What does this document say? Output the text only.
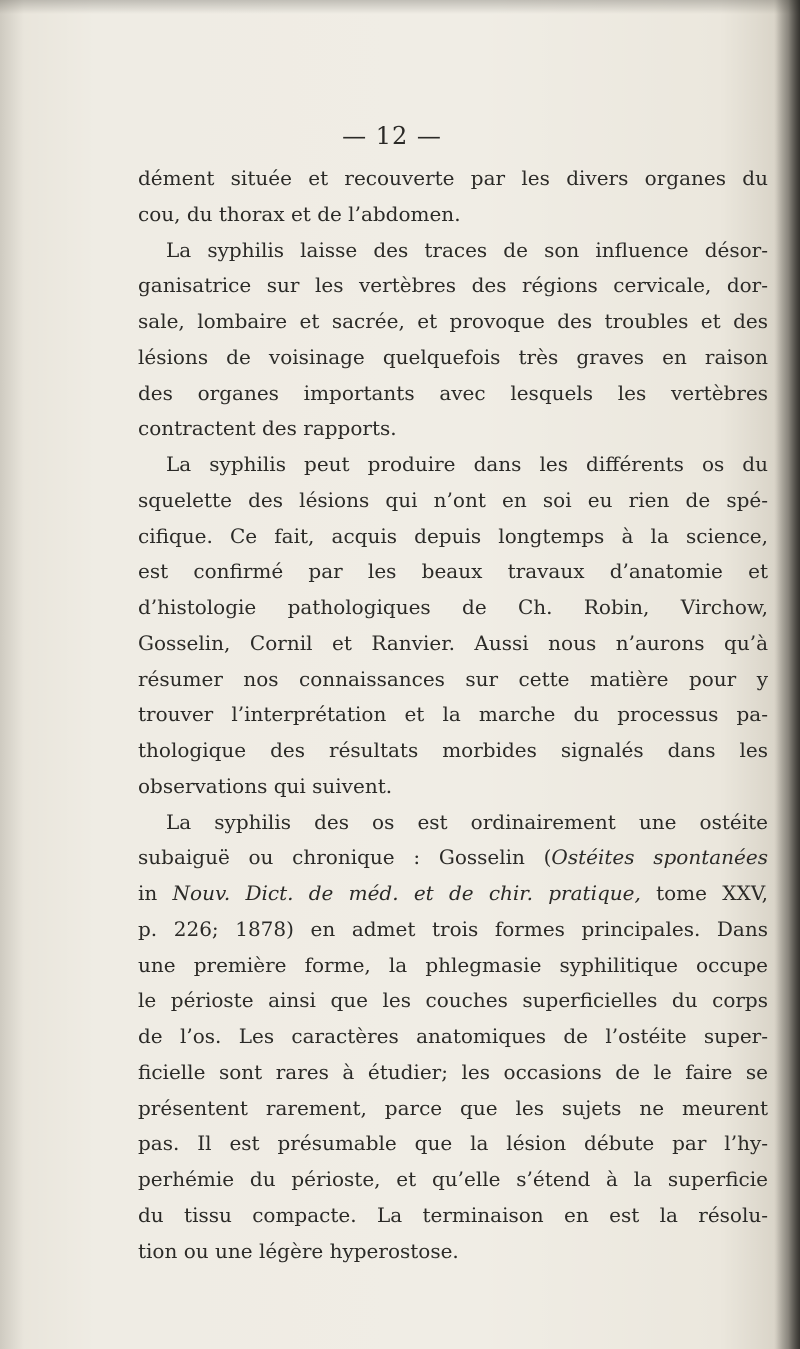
— 12 —
dément située et recouverte par les divers organes du
cou, du thorax et de l’abdomen.
La syphilis laisse des traces de son influence désor-
ganisatrice sur les vertèbres des régions cervicale, dor-
sale, lombaire et sacrée, et provoque des troubles et des
lésions de voisinage quelquefois très graves en raison
des organes importants avec lesquels les vertèbres
contractent des rapports.
La syphilis peut produire dans les différents os du
squelette des lésions qui n’ont en soi eu rien de spé-
cifique. Ce fait, acquis depuis longtemps à la science,
est confirmé par les beaux travaux d’anatomie et
d’histologie pathologiques de Ch. Robin, Virchow,
Gosselin, Cornil et Ranvier. Aussi nous n’aurons qu’à
résumer nos connaissances sur cette matière pour y
trouver l’interprétation et la marche du processus pa-
thologique des résultats morbides signalés dans les
observations qui suivent.
La syphilis des os est ordinairement une ostéite
subaiguë ou chronique : Gosselin (Ostéites spontanées
in Nouv. Dict. de méd. et de chir. pratique, tome XXV,
p. 226; 1878) en admet trois formes principales. Dans
une première forme, la phlegmasie syphilitique occupe
le périoste ainsi que les couches superficielles du corps
de l’os. Les caractères anatomiques de l’ostéite super-
ficielle sont rares à étudier; les occasions de le faire se
présentent rarement, parce que les sujets ne meurent
pas. Il est présumable que la lésion débute par l’hy-
perhémie du périoste, et qu’elle s’étend à la superficie
du tissu compacte. La terminaison en est la résolu-
tion ou une légère hyperostose.
